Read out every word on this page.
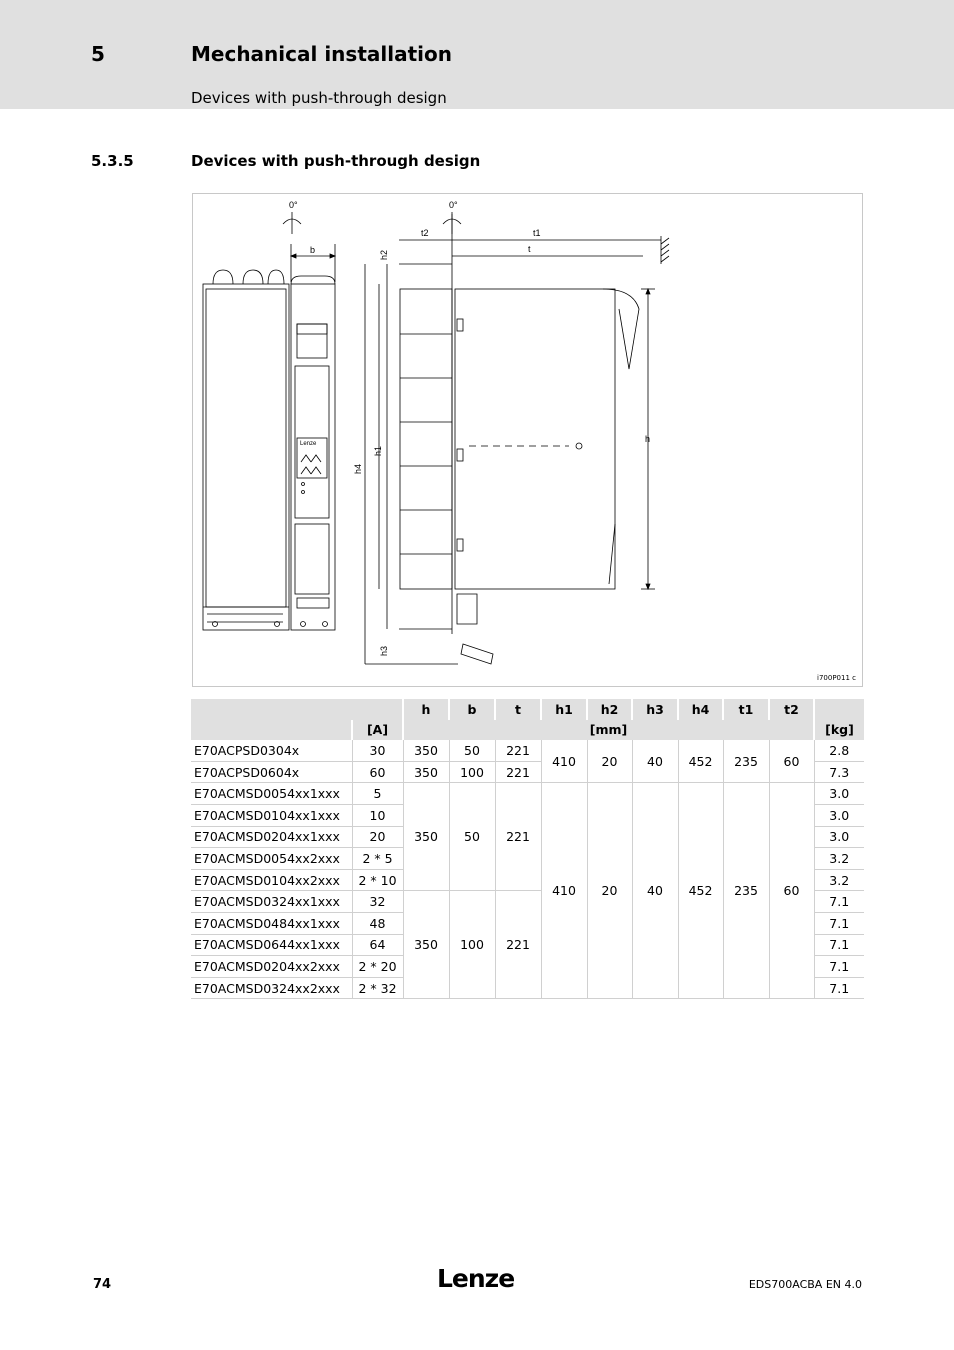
5	Mechanical installation
Devices with push-through design
5.3.5	Devices with push-through design
Lenze
b
0°	0°
h
t2	t1
t
h2
h4
h1
h3
i700P011 c
		h	b	t	h1	h2	h3	h4	t1	t2	
	[A]	[mm]									[kg]
E70ACPSD0304x	30	350	50	221	410	20	40	452	235	60	2.8
E70ACPSD0604x	60	350	100	221							7.3
E70ACMSD0054xx1xxx	5	350	50	221	410	20	40	452	235	60	3.0
E70ACMSD0104xx1xxx	10										3.0
E70ACMSD0204xx1xxx	20										3.0
E70ACMSD0054xx2xxx	2 * 5										3.2
E70ACMSD0104xx2xxx	2 * 10										3.2
E70ACMSD0324xx1xxx	32	350	100	221							7.1
E70ACMSD0484xx1xxx	48										7.1
E70ACMSD0644xx1xxx	64										7.1
E70ACMSD0204xx2xxx	2 * 20										7.1
E70ACMSD0324xx2xxx	2 * 32										7.1
74	Lenze	EDS700ACBA EN 4.0
